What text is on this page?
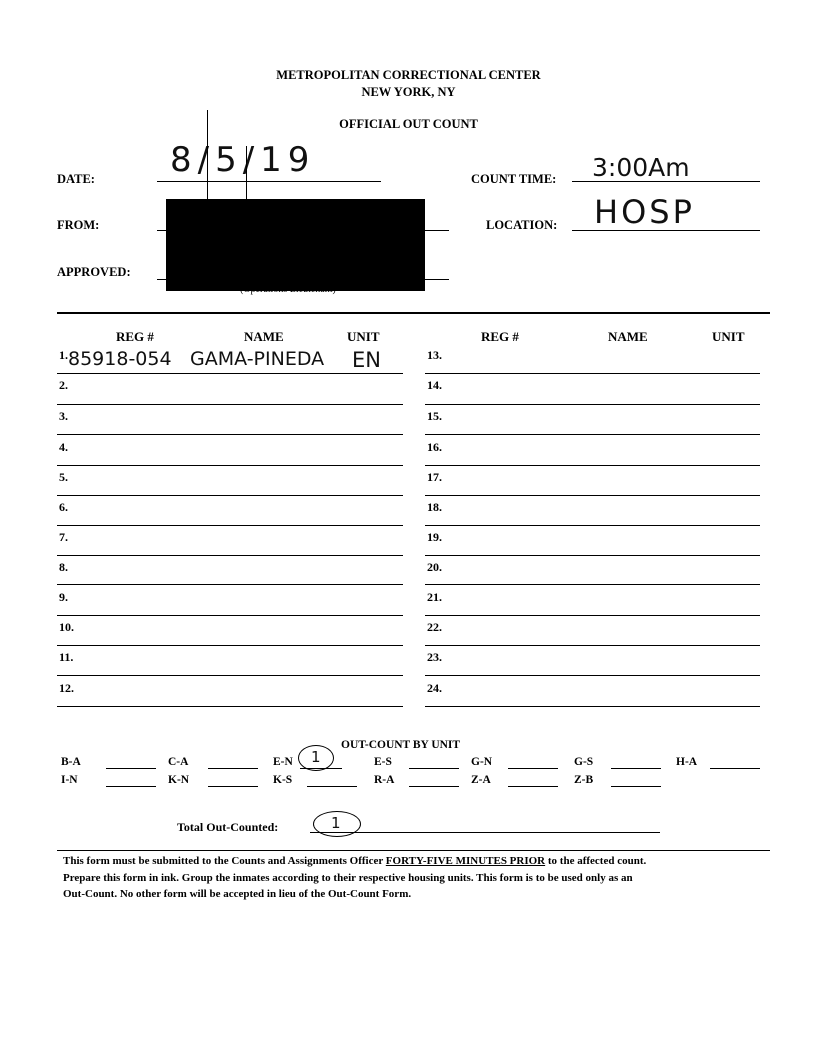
METROPOLITAN CORRECTIONAL CENTER
NEW YORK, NY
OFFICIAL OUT COUNT
DATE: 8/5/19	COUNT TIME: 3:00Am
FROM:	LOCATION: HOSP
APPROVED:
REG #	NAME	UNIT	REG #	NAME	UNIT
1. 85918-054 GAMA-PINEDA EN
2.
3.
4.
5.
6.
7.
8.
9.
10.
11.
12.
13.
14.
15.
16.
17.
18.
19.
20.
21.
22.
23.
24.
OUT-COUNT BY UNIT
B-A	C-A	E-N 1	E-S	G-N	G-S	H-A
I-N	K-N	K-S	R-A	Z-A	Z-B
Total Out-Counted:	1
This form must be submitted to the Counts and Assignments Officer FORTY-FIVE MINUTES PRIOR to the affected count.
Prepare this form in ink. Group the inmates according to their respective housing units. This form is to be used only as an
Out-Count. No other form will be accepted in lieu of the Out-Count Form.
